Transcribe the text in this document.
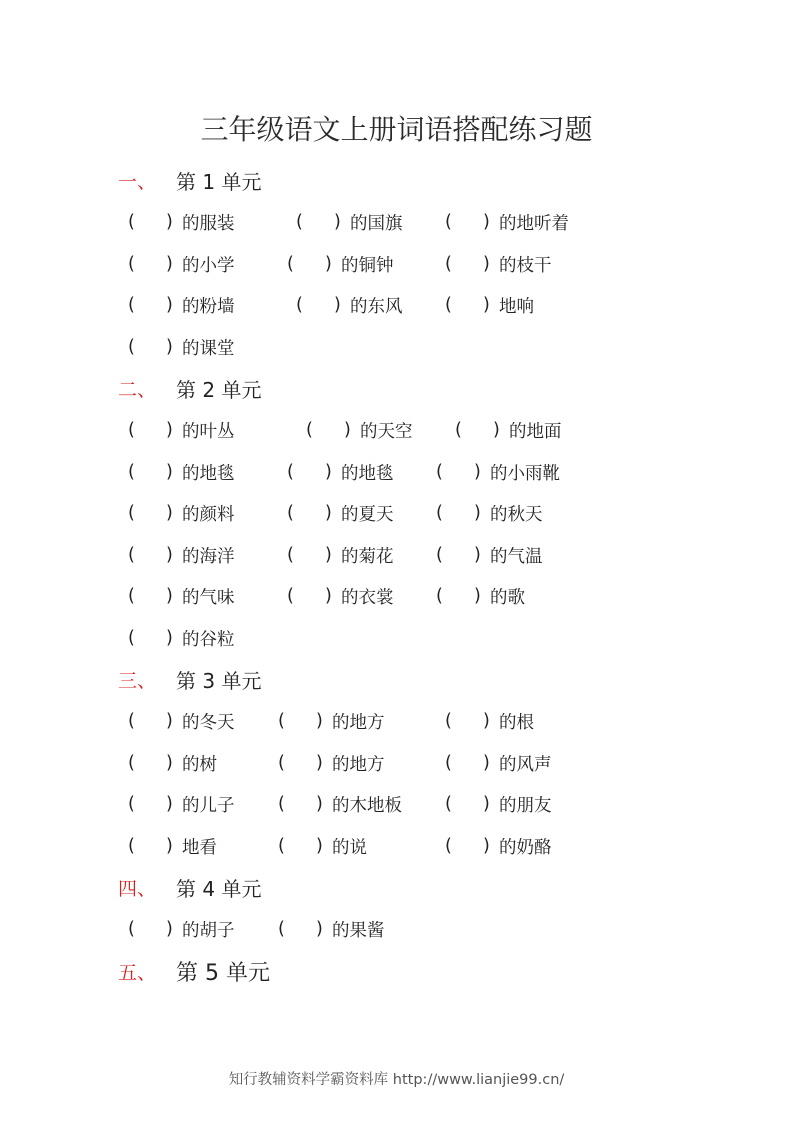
三年级语文上册词语搭配练习题
一、 第 1 单元
(	) 的服装	(	) 的国旗 (	) 的地听着
(	) 的小学	(	) 的铜钟	(	) 的枝干
(	) 的粉墙	(	) 的东风 (	) 地响
(	) 的课堂
二、 第 2 单元
(	) 的叶丛	(	) 的天空 (	) 的地面
(	) 的地毯	(	) 的地毯 (	) 的小雨靴
(	) 的颜料	(	) 的夏天 (	) 的秋天
(	) 的海洋	(	) 的菊花 (	) 的气温
(	) 的气味	(	) 的衣裳 (	) 的歌
(	) 的谷粒
三、 第 3 单元
(	) 的冬天 (	) 的地方	(	) 的根
(	) 的树	(	) 的地方	(	) 的风声
(	) 的儿子 (	) 的木地板 (	) 的朋友
(	) 地看	(	) 的说	(	) 的奶酪
四、 第 4 单元
(	) 的胡子 (	) 的果酱
五、 第 5 单元
知行教辅资料学霸资料库 http://www.lianjie99.cn/
